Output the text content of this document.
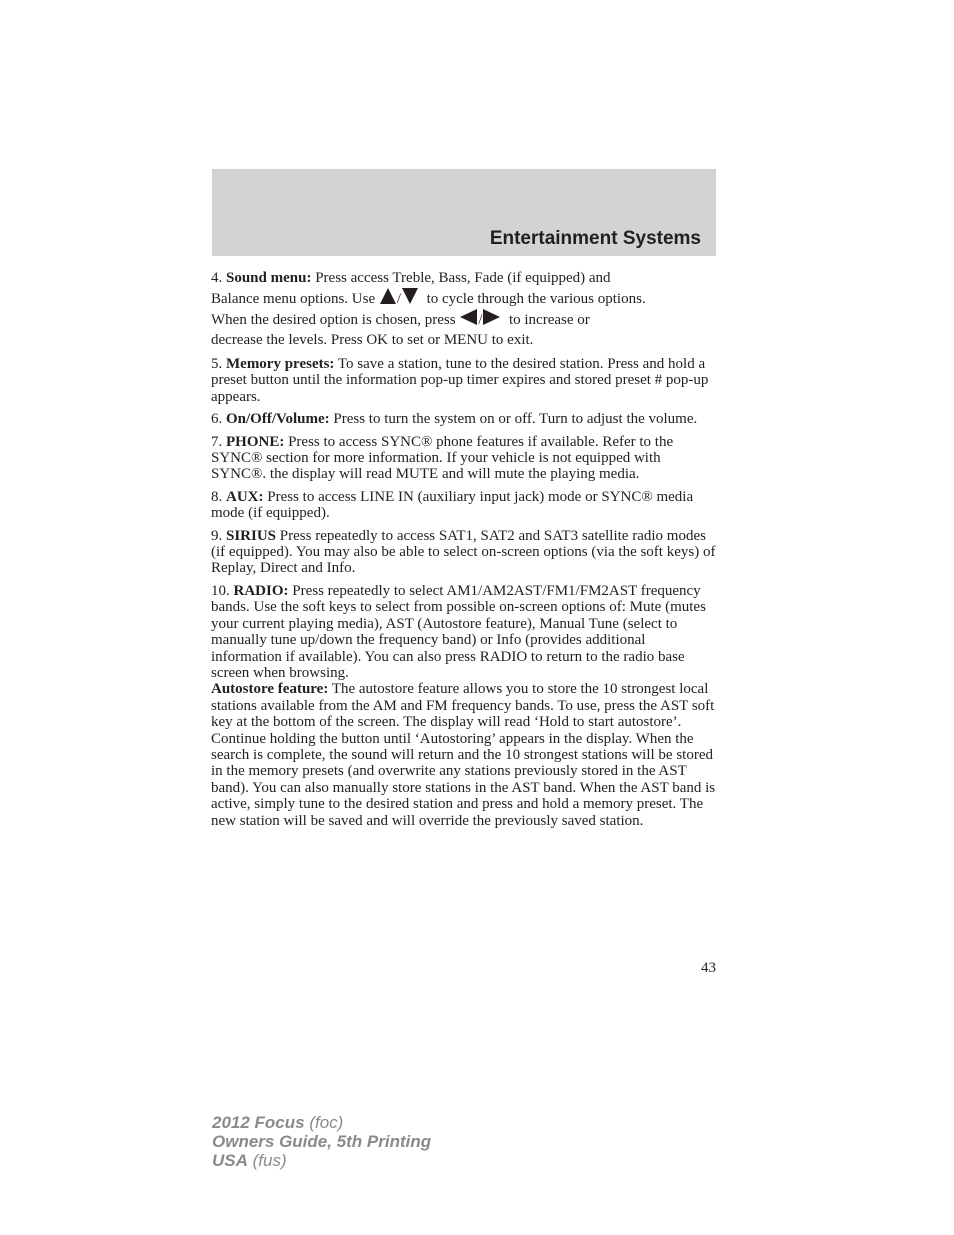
Entertainment Systems

4. Sound menu: Press access Treble, Bass, Fade (if equipped) and
Balance menu options. Use / to cycle through the various options.
When the desired option is chosen, press / to increase or
decrease the levels. Press OK to set or MENU to exit.

5. Memory presets: To save a station, tune to the desired station. Press and hold a preset button until the information pop-up timer expires and stored preset # pop-up appears.

6. On/Off/Volume: Press to turn the system on or off. Turn to adjust the volume.

7. PHONE: Press to access SYNC® phone features if available. Refer to the SYNC® section for more information. If your vehicle is not equipped with SYNC®. the display will read MUTE and will mute the playing media.

8. AUX: Press to access LINE IN (auxiliary input jack) mode or SYNC® media mode (if equipped).

9. SIRIUS Press repeatedly to access SAT1, SAT2 and SAT3 satellite radio modes (if equipped). You may also be able to select on-screen options (via the soft keys) of Replay, Direct and Info.

10. RADIO: Press repeatedly to select AM1/AM2AST/FM1/FM2AST frequency bands. Use the soft keys to select from possible on-screen options of: Mute (mutes your current playing media), AST (Autostore feature), Manual Tune (select to manually tune up/down the frequency band) or Info (provides additional information if available). You can also press RADIO to return to the radio base screen when browsing.

Autostore feature: The autostore feature allows you to store the 10 strongest local stations available from the AM and FM frequency bands. To use, press the AST soft key at the bottom of the screen. The display will read ‘Hold to start autostore’. Continue holding the button until ‘Autostoring’ appears in the display. When the search is complete, the sound will return and the 10 strongest stations will be stored in the memory presets (and overwrite any stations previously stored in the AST band). You can also manually store stations in the AST band. When the AST band is active, simply tune to the desired station and press and hold a memory preset. The new station will be saved and will override the previously saved station.

43
2012 Focus (foc)
Owners Guide, 5th Printing
USA (fus)
